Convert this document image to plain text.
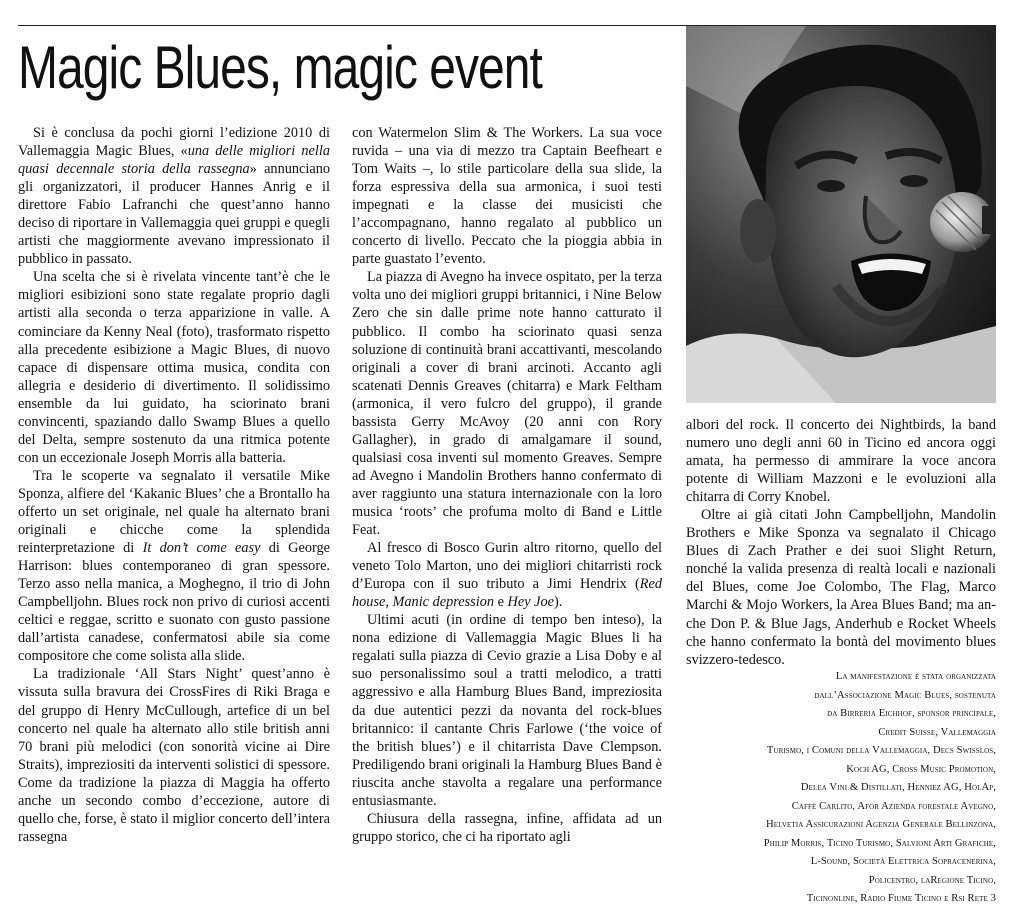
Magic Blues, magic event

Si è conclusa da pochi giorni l’edizione 2010 di Vallemaggia Magic Blues, «una delle migliori nella quasi decennale storia della rassegna» annunciano gli organizzatori, il producer Hannes Anrig e il direttore Fabio Lafranchi che quest’anno hanno deciso di riportare in Vallemaggia quei gruppi e quegli artisti che maggiormente avevano impressionato il pubblico in passato.

Una scelta che si è rivelata vincente tant’è che le migliori esibizioni sono state regalate proprio dagli artisti alla seconda o terza apparizione in valle. A cominciare da Kenny Neal (foto), trasformato rispetto alla precedente esibizione a Magic Blues, di nuovo capace di dispensare ottima musica, condita con allegria e desiderio di divertimento. Il solidissimo ensemble da lui guidato, ha sciorinato brani convincenti, spaziando dallo Swamp Blues a quello del Delta, sempre sostenuto da una ritmica potente con un eccezionale Joseph Morris alla batteria.

Tra le scoperte va segnalato il versatile Mike Sponza, alfiere del ‘Kakanic Blues’ che a Brontallo ha offerto un set originale, nel quale ha alternato brani originali e chicche come la splendida reinterpretazione di It don’t come easy di George Harrison: blues contemporaneo di gran spessore. Terzo asso nella manica, a Moghegno, il trio di John Campbelljohn. Blues rock non privo di curiosi accenti celtici e reggae, scritto e suonato con gusto passione dall’artista canadese, confermatosi abile sia come compositore che come solista alla slide.

La tradizionale ‘All Stars Night’ quest’anno è vissuta sulla bravura dei CrossFires di Riki Braga e del gruppo di Henry McCullough, artefice di un bel concerto nel quale ha alternato allo stile british anni 70 brani più melodici (con sonorità vicine ai Dire Straits), impreziositi da interventi solistici di spessore. Come da tradizione la piazza di Maggia ha offerto anche un secondo combo d’eccezione, autore di quello che, forse, è stato il miglior concerto dell’intera rassegna

con Watermelon Slim & The Workers. La sua voce ruvida – una via di mezzo tra Captain Beefheart e Tom Waits –, lo stile particolare della sua slide, la forza espressiva della sua armonica, i suoi testi impegnati e la classe dei musicisti che l’accompagnano, hanno regalato al pubblico un concerto di livello. Peccato che la pioggia abbia in parte guastato l’evento.

La piazza di Avegno ha invece ospitato, per la terza volta uno dei migliori gruppi britannici, i Nine Below Zero che sin dalle prime note hanno catturato il pubblico. Il combo ha sciorinato quasi senza soluzione di continuità brani accattivanti, mescolando originali a cover di brani arcinoti. Accanto agli scatenati Dennis Greaves (chitarra) e Mark Feltham (armonica, il vero fulcro del gruppo), il grande bassista Gerry McAvoy (20 anni con Rory Gallagher), in grado di amalgamare il sound, qualsiasi cosa inventi sul momento Greaves. Sempre ad Avegno i Mandolin Brothers hanno confermato di aver raggiunto una statura internazionale con la loro musica ‘roots’ che profuma molto di Band e Little Feat.

Al fresco di Bosco Gurin altro ritorno, quello del veneto Tolo Marton, uno dei migliori chitarristi rock d’Europa con il suo tributo a Jimi Hendrix (Red house, Manic depression e Hey Joe).

Ultimi acuti (in ordine di tempo ben inteso), la nona edizione di Vallemaggia Magic Blues li ha regalati sulla piazza di Cevio grazie a Lisa Doby e al suo personalissimo soul a tratti melodico, a tratti aggressivo e alla Hamburg Blues Band, impreziosita da due autentici pezzi da novanta del rock-blues britannico: il cantante Chris Farlowe (‘the voice of the british blues’) e il chitarrista Dave Clempson. Prediligendo brani originali la Hamburg Blues Band è riuscita anche stavolta a regalare una performance entusiasmante.

Chiusura della rassegna, infine, affidata ad un gruppo storico, che ci ha riportato agli

albori del rock. Il concerto dei Nightbirds, la band numero uno degli anni 60 in Ticino ed ancora oggi amata, ha permesso di ammirare la voce ancora potente di William Mazzoni e le evoluzioni alla chitarra di Corry Knobel.

Oltre ai già citati John Campbelljohn, Mandolin Brothers e Mike Sponza va segnalato il Chicago Blues di Zach Prather e dei suoi Slight Return, nonché la valida presenza di realtà locali e nazionali del Blues, come Joe Colombo, The Flag, Marco Marchi & Mojo Workers, la Area Blues Band; ma anche Don P. & Blue Jags, Anderhub e Rocket Wheels che hanno confermato la bontà del movimento blues svizzero-tedesco.

La manifestazione è stata organizzata
dall’Associazione Magic Blues, sostenuta
da Birreria Eichhof, sponsor principale,
Credit Suisse, Vallemaggia
Turismo, i Comuni della Vallemaggia, Decs Swisslos,
Koch AG, Cross Music Promotion,
Delea Vini & Distillati, Henniez AG, HolAp,
Caffè Carlito, Afor Azienda forestale Avegno,
Helvetia Assicurazioni Agenzia Generale Bellinzona,
Philip Morris, Ticino Turismo, Salvioni Arti Grafiche,
L-Sound, Società Elettrica Sopracenerina,
Policentro, laRegione Ticino,
Ticinonline, Radio Fiume Ticino e Rsi Rete 3
